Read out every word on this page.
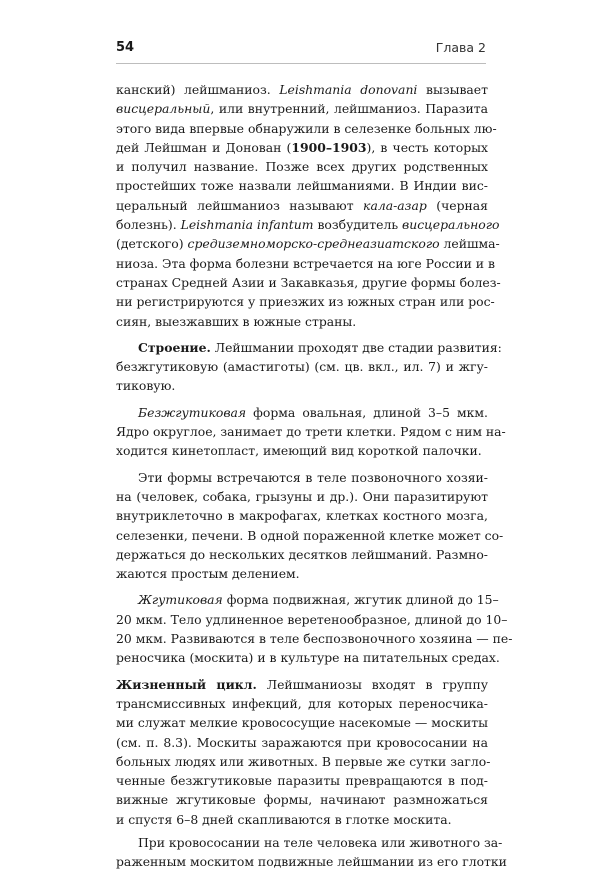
54	Глава 2
канский) лейшманиоз. Leishmania donovani вызывает
висцеральный, или внутренний, лейшманиоз. Паразита
этого вида впервые обнаружили в селезенке больных лю-
дей Лейшман и Донован (1900–1903), в честь которых
и получил название. Позже всех других родственных
простейших тоже назвали лейшманиями. В Индии вис-
церальный лейшманиоз называют кала-азар (черная
болезнь). Leishmania infantum возбудитель висцерального
(детского) средиземноморско-среднеазиатского лейшма-
ниоза. Эта форма болезни встречается на юге России и в
странах Средней Азии и Закавказья, другие формы болез-
ни регистрируются у приезжих из южных стран или рос-
сиян, выезжавших в южные страны.
Строение. Лейшмании проходят две стадии развития:
безжгутиковую (амастиготы) (см. цв. вкл., ил. 7) и жгу-
тиковую.
Безжгутиковая форма овальная, длиной 3–5 мкм.
Ядро округлое, занимает до трети клетки. Рядом с ним на-
ходится кинетопласт, имеющий вид короткой палочки.
Эти формы встречаются в теле позвоночного хозяи-
на (человек, собака, грызуны и др.). Они паразитируют
внутриклеточно в макрофагах, клетках костного мозга,
селезенки, печени. В одной пораженной клетке может со-
держаться до нескольких десятков лейшманий. Размно-
жаются простым делением.
Жгутиковая форма подвижная, жгутик длиной до 15–
20 мкм. Тело удлиненное веретенообразное, длиной до 10–
20 мкм. Развиваются в теле беспозвоночного хозяина — пе-
реносчика (москита) и в культуре на питательных средах.
Жизненный цикл. Лейшманиозы входят в группу
трансмиссивных инфекций, для которых переносчика-
ми служат мелкие кровососущие насекомые — москиты
(см. п. 8.3). Москиты заражаются при кровососании на
больных людях или животных. В первые же сутки загло-
ченные безжгутиковые паразиты превращаются в под-
вижные жгутиковые формы, начинают размножаться
и спустя 6–8 дней скапливаются в глотке москита.
При кровососании на теле человека или животного за-
раженным москитом подвижные лейшмании из его глотки
